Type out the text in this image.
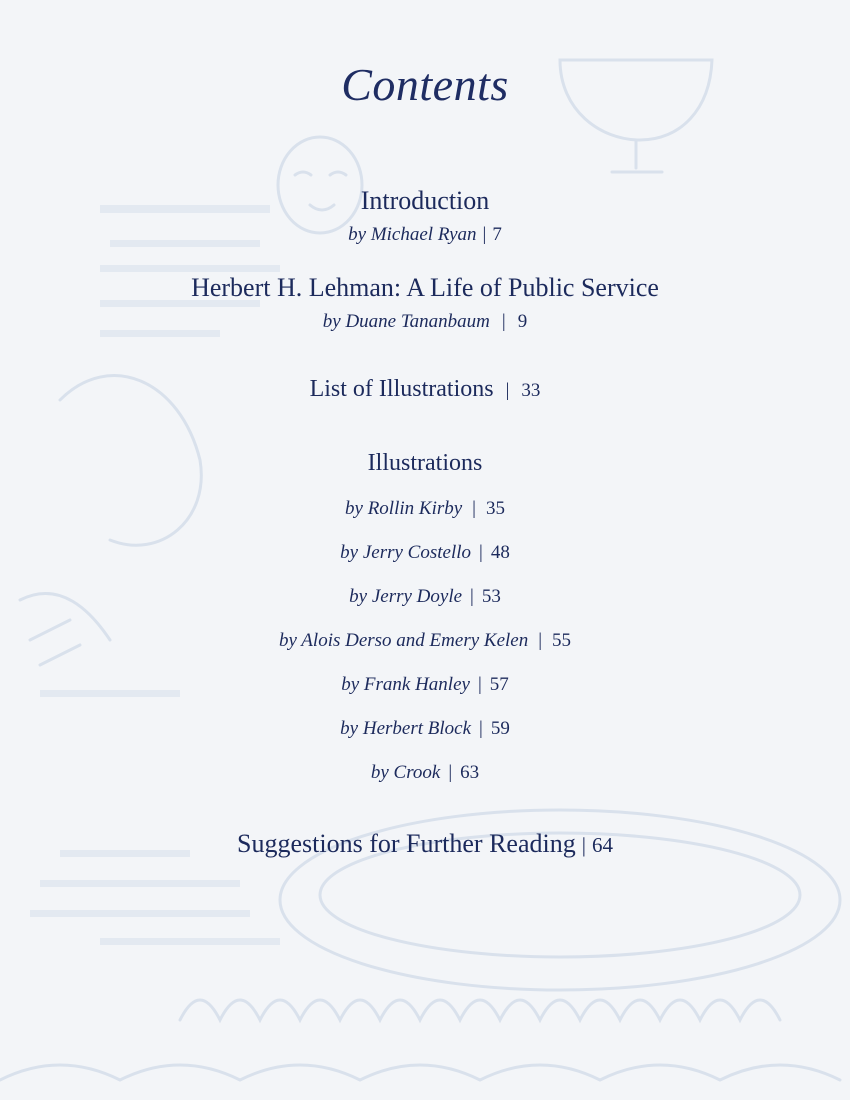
Contents
Introduction
by Michael Ryan | 7
Herbert H. Lehman: A Life of Public Service
by Duane Tananbaum | 9
List of Illustrations | 33
Illustrations
by Rollin Kirby | 35
by Jerry Costello | 48
by Jerry Doyle | 53
by Alois Derso and Emery Kelen | 55
by Frank Hanley | 57
by Herbert Block | 59
by Crook | 63
Suggestions for Further Reading | 64
